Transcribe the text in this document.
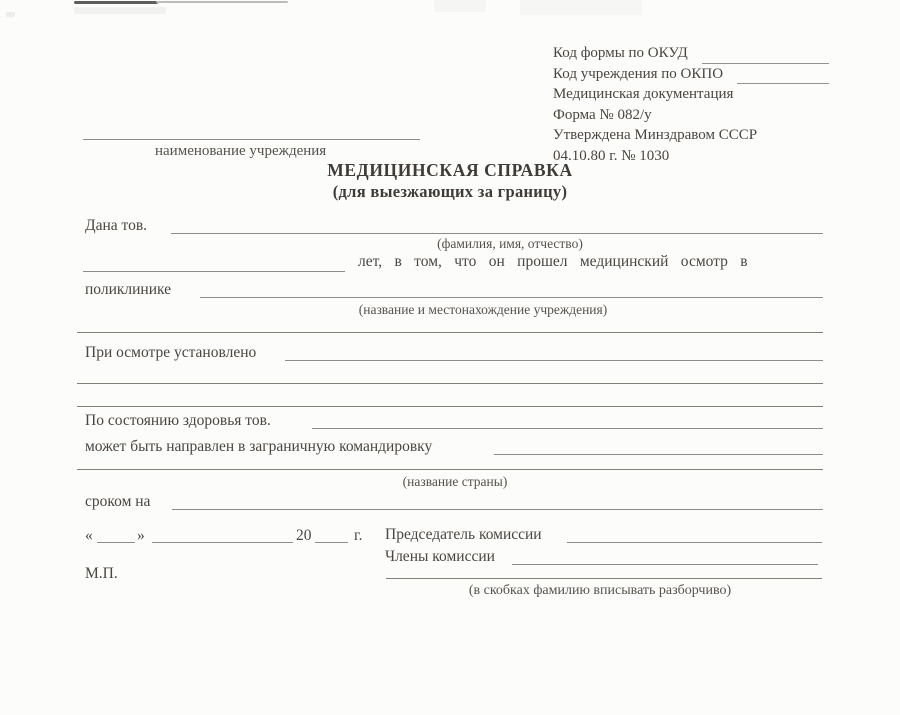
Код формы по ОКУД
Код учреждения по ОКПО
Медицинская документация
Форма № 082/у
Утверждена Минздравом СССР
04.10.80 г. № 1030
наименование учреждения
МЕДИЦИНСКАЯ СПРАВКА
(для выезжающих за границу)
Дана тов.
(фамилия, имя, отчество)
лет, в том, что он прошел медицинский осмотр в
поликлинике
(название и местонахождение учреждения)
При осмотре установлено
По состоянию здоровья тов.
может быть направлен в заграничную командировку
(название страны)
сроком на
«	»	20	г. Председатель комиссии
Члены комиссии
М.П.
(в скобках фамилию вписывать разборчиво)
